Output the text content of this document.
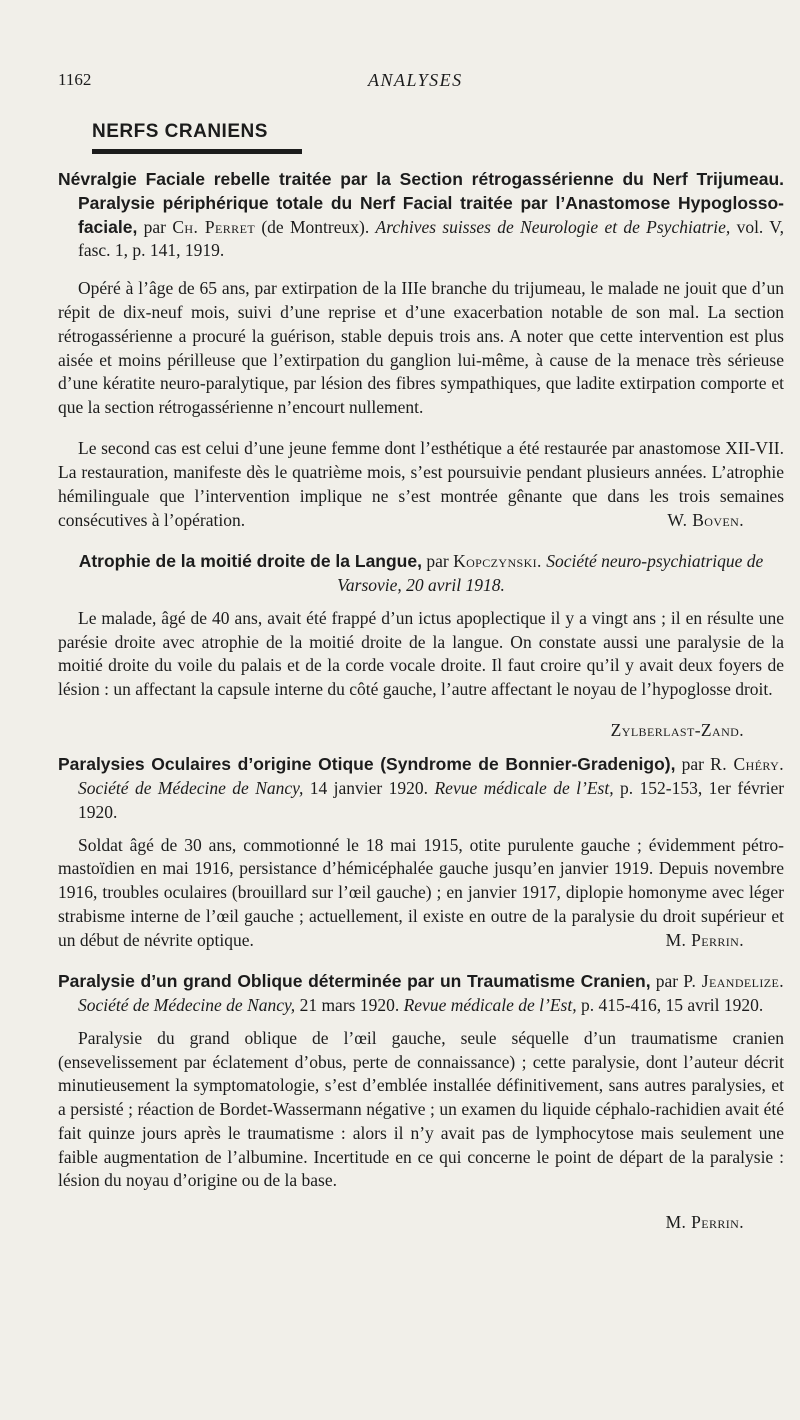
1162	ANALYSES
NERFS CRANIENS
Névralgie Faciale rebelle traitée par la Section rétrogassérienne du Nerf Trijumeau. Paralysie périphérique totale du Nerf Facial traitée par l’Anastomose Hypoglosso-faciale, par Ch. Perret (de Montreux). Archives suisses de Neurologie et de Psychiatrie, vol. V, fasc. 1, p. 141, 1919.

Opéré à l’âge de 65 ans, par extirpation de la IIIe branche du trijumeau, le malade ne jouit que d’un répit de dix-neuf mois, suivi d’une reprise et d’une exacerbation notable de son mal. La section rétrogassérienne a procuré la guérison, stable depuis trois ans. A noter que cette intervention est plus aisée et moins périlleuse que l’extirpation du ganglion lui-même, à cause de la menace très sérieuse d’une kératite neuro-paralytique, par lésion des fibres sympathiques, que ladite extirpation comporte et que la section rétrogassérienne n’encourt nullement.

Le second cas est celui d’une jeune femme dont l’esthétique a été restaurée par anastomose XII-VII. La restauration, manifeste dès le quatrième mois, s’est poursuivie pendant plusieurs années. L’atrophie hémilinguale que l’intervention implique ne s’est montrée gênante que dans les trois semaines consécutives à l’opération.	W. Boven.

Atrophie de la moitié droite de la Langue, par Kopczynski. Société neuro-psychiatrique de Varsovie, 20 avril 1918.

Le malade, âgé de 40 ans, avait été frappé d’un ictus apoplectique il y a vingt ans ; il en résulte une parésie droite avec atrophie de la moitié droite de la langue. On constate aussi une paralysie de la moitié droite du voile du palais et de la corde vocale droite. Il faut croire qu’il y avait deux foyers de lésion : un affectant la capsule interne du côté gauche, l’autre affectant le noyau de l’hypoglosse droit.

Zylberlast-Zand.
Paralysies Oculaires d’origine Otique (Syndrome de Bonnier-Gradenigo), par R. Chéry. Société de Médecine de Nancy, 14 janvier 1920. Revue médicale de l’Est, p. 152-153, 1er février 1920.

Soldat âgé de 30 ans, commotionné le 18 mai 1915, otite purulente gauche ; évidemment pétro-mastoïdien en mai 1916, persistance d’hémicéphalée gauche jusqu’en janvier 1919. Depuis novembre 1916, troubles oculaires (brouillard sur l’œil gauche) ; en janvier 1917, diplopie homonyme avec léger strabisme interne de l’œil gauche ; actuellement, il existe en outre de la paralysie du droit supérieur et un début de névrite optique.	M. Perrin.

Paralysie d’un grand Oblique déterminée par un Traumatisme Cranien, par P. Jeandelize. Société de Médecine de Nancy, 21 mars 1920. Revue médicale de l’Est, p. 415-416, 15 avril 1920.

Paralysie du grand oblique de l’œil gauche, seule séquelle d’un traumatisme cranien (ensevelissement par éclatement d’obus, perte de connaissance) ; cette paralysie, dont l’auteur décrit minutieusement la symptomatologie, s’est d’emblée installée définitivement, sans autres paralysies, et a persisté ; réaction de Bordet-Wassermann négative ; un examen du liquide céphalo-rachidien avait été fait quinze jours après le traumatisme : alors il n’y avait pas de lymphocytose mais seulement une faible augmentation de l’albumine. Incertitude en ce qui concerne le point de départ de la paralysie : lésion du noyau d’origine ou de la base.

M. Perrin.
